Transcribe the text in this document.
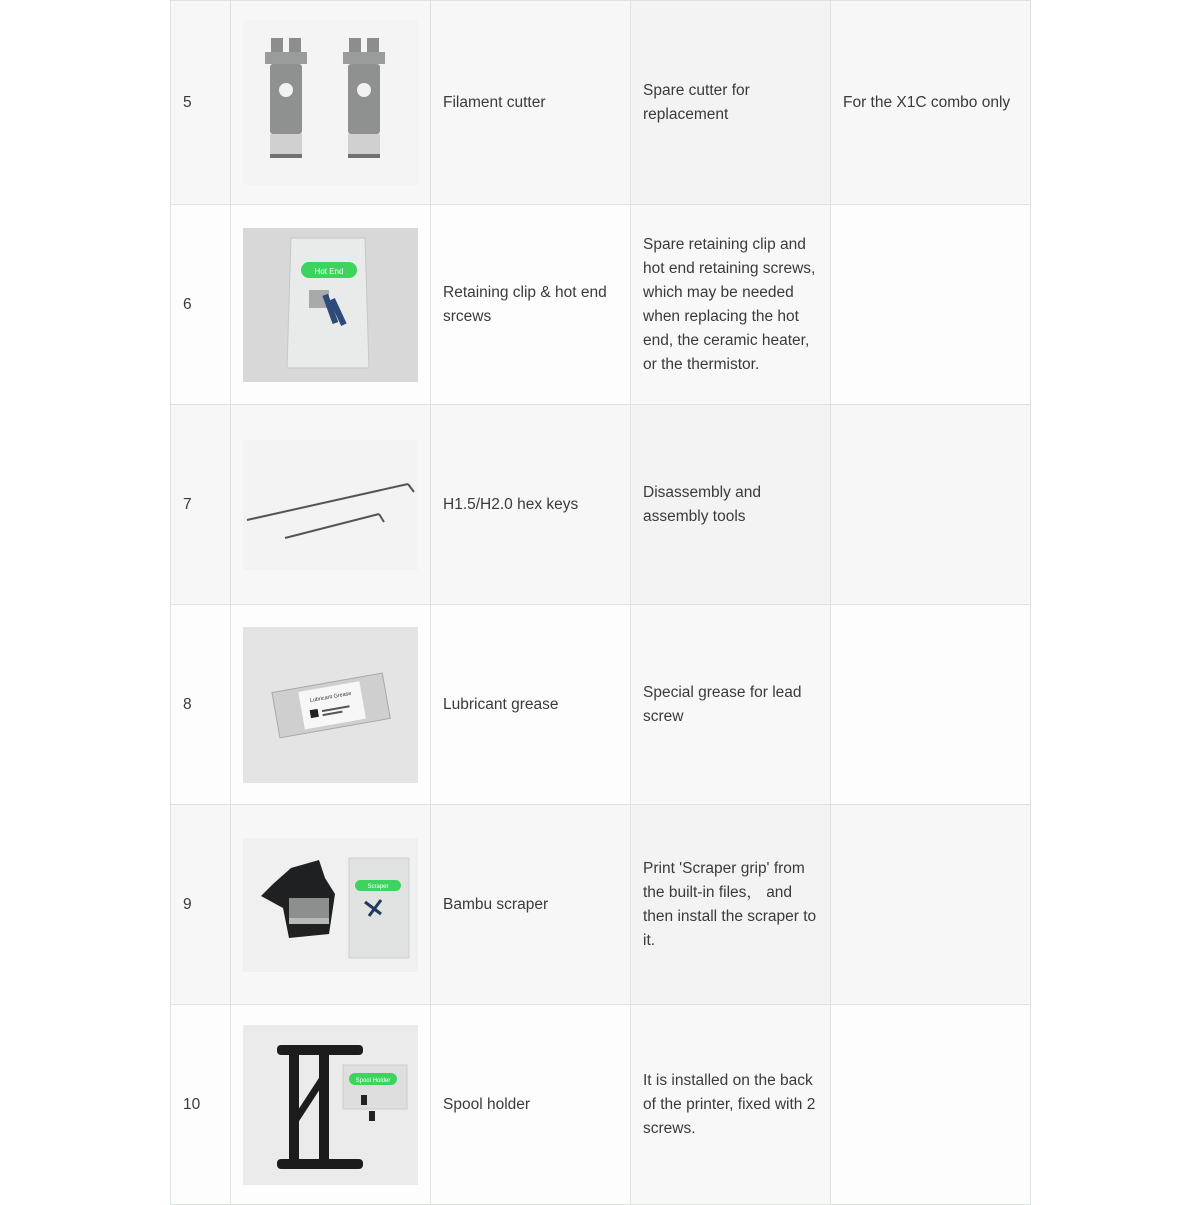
5		Filament cutter	Spare cutter for replacement	For the X1C combo only
6	Hot End	Retaining clip & hot end srcews	Spare retaining clip and hot end retaining screws, which may be needed when replacing the hot end, the ceramic heater, or the thermistor.	
7		H1.5/H2.0 hex keys	Disassembly and assembly tools	
8	Lubricant Grease	Lubricant grease	Special grease for lead screw	
9	Scraper	Bambu scraper	Print 'Scraper grip' from the built-in files， and then install the scraper to it.	
10	Spool Holder	Spool holder	It is installed on the back of the printer, fixed with 2 screws.	
